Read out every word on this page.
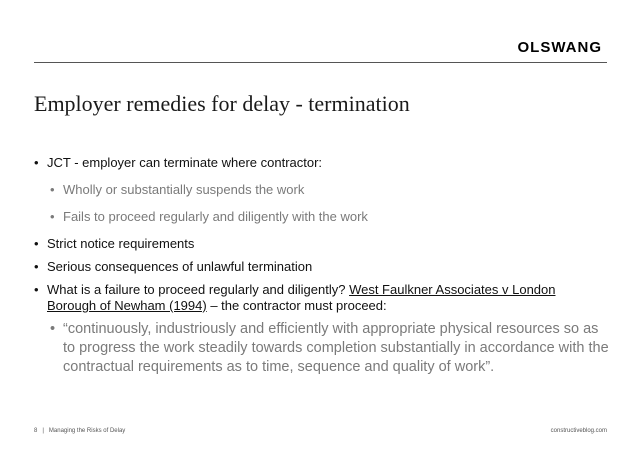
OLSWANG
Employer remedies for delay - termination
• JCT - employer can terminate where contractor:
• Wholly or substantially suspends the work
• Fails to proceed regularly and diligently with the work
• Strict notice requirements
• Serious consequences of unlawful termination
• What is a failure to proceed regularly and diligently? West Faulkner Associates v London
Borough of Newham (1994) – the contractor must proceed:
• “continuously, industriously and efficiently with appropriate physical resources so as to progress the work steadily towards completion substantially in accordance with the contractual requirements as to time, sequence and quality of work”.
8 | Managing the Risks of Delay	constructiveblog.com
